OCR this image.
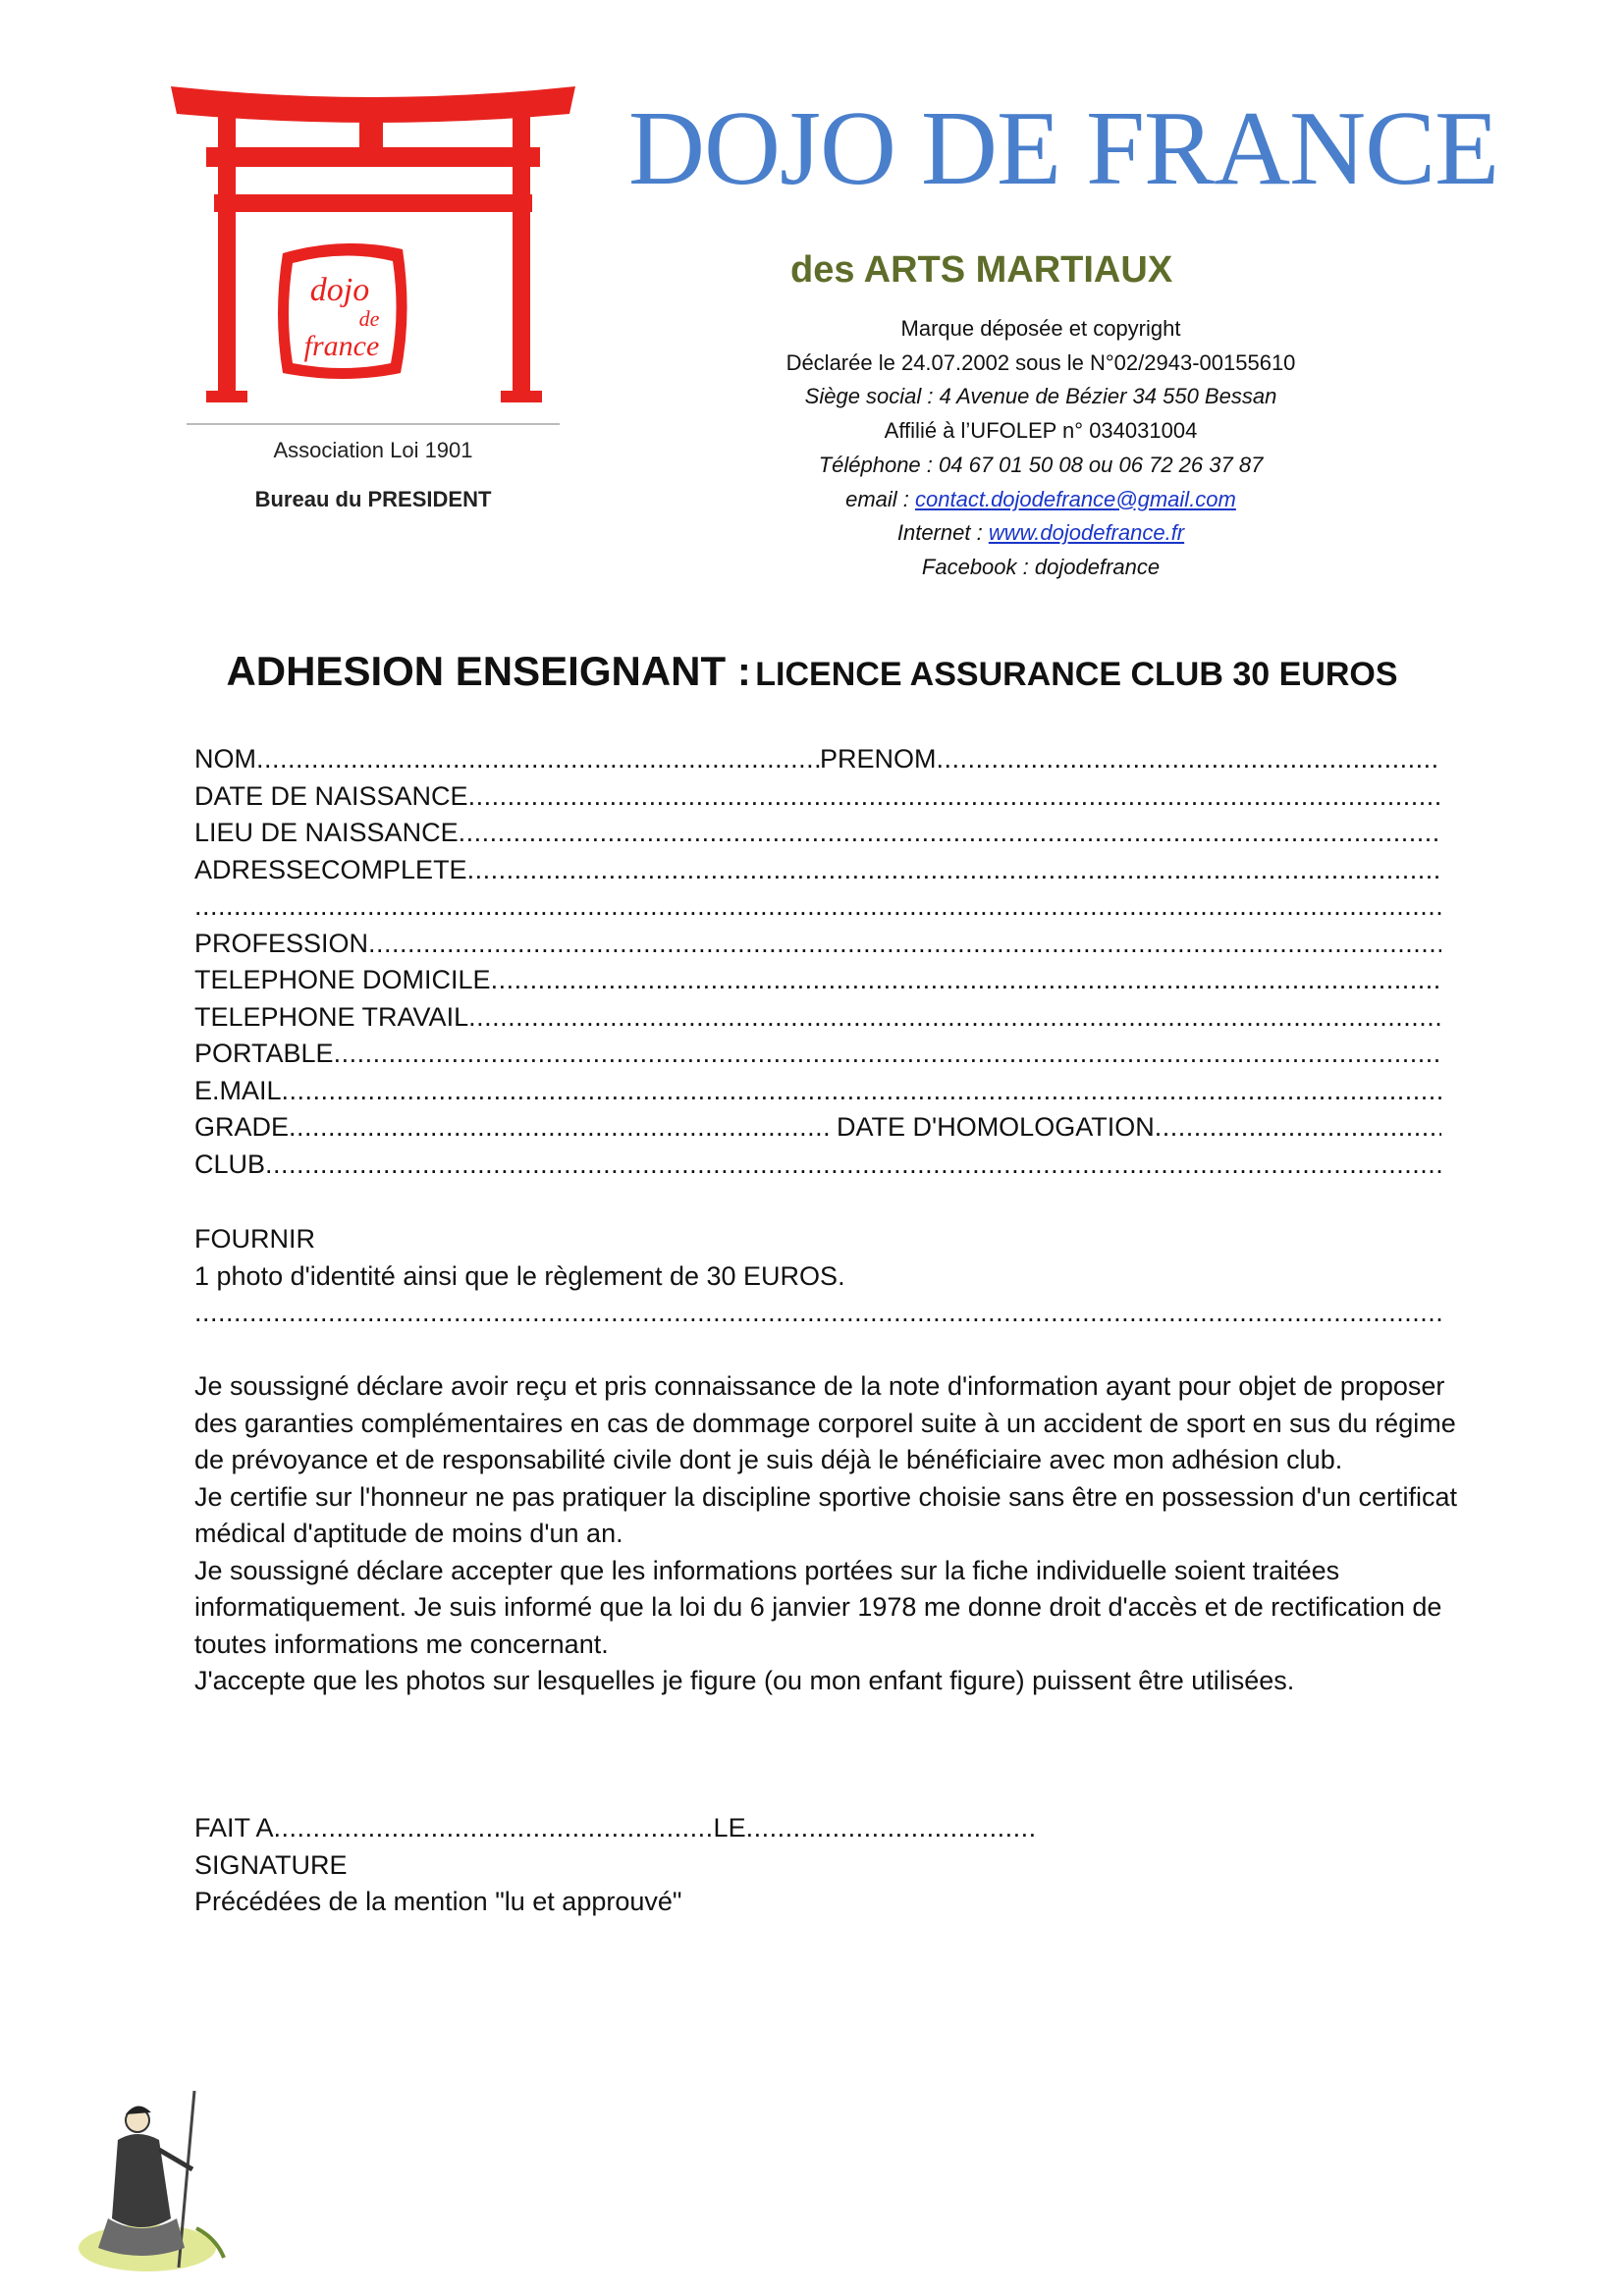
dojo
de
france
Association Loi 1901
Bureau du PRESIDENT
DOJO DE FRANCE
des ARTS MARTIAUX
Marque déposée et copyright
Déclarée le 24.07.2002 sous le N°02/2943-00155610
Siège social : 4 Avenue de Bézier 34 550 Bessan
Affilié à l’UFOLEP n° 034031004
Téléphone : 04 67 01 50 08 ou 06 72 26 37 87
email : contact.dojodefrance@gmail.com
Internet : www.dojodefrance.fr
Facebook : dojodefrance
ADHESION ENSEIGNANT : LICENCE ASSURANCE CLUB 30 EUROS
NOM .....	PRENOM
.....
DATE DE NAISSANCE
.....
LIEU DE NAISSANCE
.....
ADRESSECOMPLETE
.....
.....
PROFESSION
.....
TELEPHONE DOMICILE
.....
TELEPHONE TRAVAIL
.....
PORTABLE
.....
E.MAIL
.....
GRADE .....	DATE D'HOMOLOGATION
.....
CLUB
.....
FOURNIR
1 photo d'identité ainsi que le règlement de 30 EUROS.
.....

Je soussigné déclare avoir reçu et pris connaissance de la note d'information ayant pour objet de proposer des garanties complémentaires en cas de dommage corporel suite à un accident de sport en sus du régime de prévoyance et de responsabilité civile dont je suis déjà le bénéficiaire avec mon adhésion club.

Je certifie sur l'honneur ne pas pratiquer la discipline sportive choisie sans être en possession d'un certificat médical d'aptitude de moins d'un an.

Je soussigné déclare accepter que les informations portées sur la fiche individuelle soient traitées informatiquement. Je suis informé que la loi du 6 janvier 1978 me donne droit d'accès et de rectification de toutes informations me concernant.

J'accepte que les photos sur lesquelles je figure (ou mon enfant figure) puissent être utilisées.

FAIT A .....	LE
.....
SIGNATURE
Précédées de la mention "lu et approuvé"
